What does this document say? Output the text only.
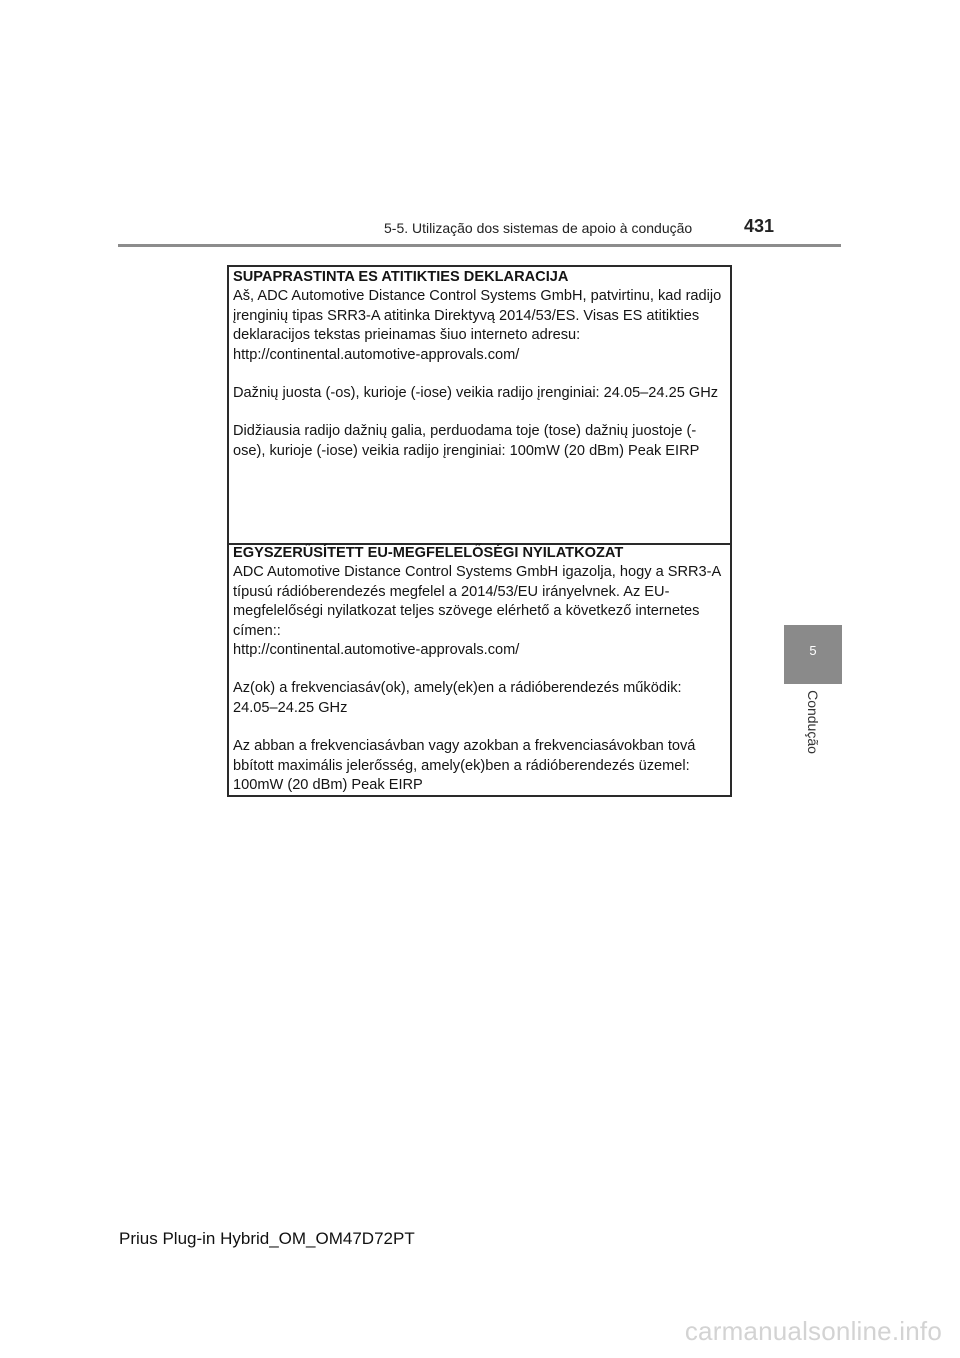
5-5. Utilização dos sistemas de apoio à condução	431
5
Condução
SUPAPRASTINTA ES ATITIKTIES DEKLARACIJA
Aš, ADC Automotive Distance Control Systems GmbH, patvirtinu, kad radijo įrenginių tipas SRR3-A atitinka Direktyvą 2014/53/ES. Visas ES atitikties deklaracijos tekstas prieinamas šiuo interneto adresu:
http://continental.automotive-approvals.com/
Dažnių juosta (-os), kurioje (-iose) veikia radijo įrenginiai: 24.05–24.25 GHz
Didžiausia radijo dažnių galia, perduodama toje (tose) dažnių juostoje (-ose), kurioje (-iose) veikia radijo įrenginiai: 100mW (20 dBm) Peak EIRP
EGYSZERŰSÍTETT EU-MEGFELELŐSÉGI NYILATKOZAT
ADC Automotive Distance Control Systems GmbH igazolja, hogy a SRR3-A típusú rádióberendezés megfelel a 2014/53/EU irányelvnek. Az EU-megfelelőségi nyilatkozat teljes szövege elérhető a következő internetes címen::
http://continental.automotive-approvals.com/
Az(ok) a frekvenciasáv(ok), amely(ek)en a rádióberendezés működik: 24.05–24.25 GHz
Az abban a frekvenciasávban vagy azokban a frekvenciasávokban tová bbított maximális jelerősség, amely(ek)ben a rádióberendezés üzemel: 100mW (20 dBm) Peak EIRP
Prius Plug-in Hybrid_OM_OM47D72PT
carmanualsonline.info
